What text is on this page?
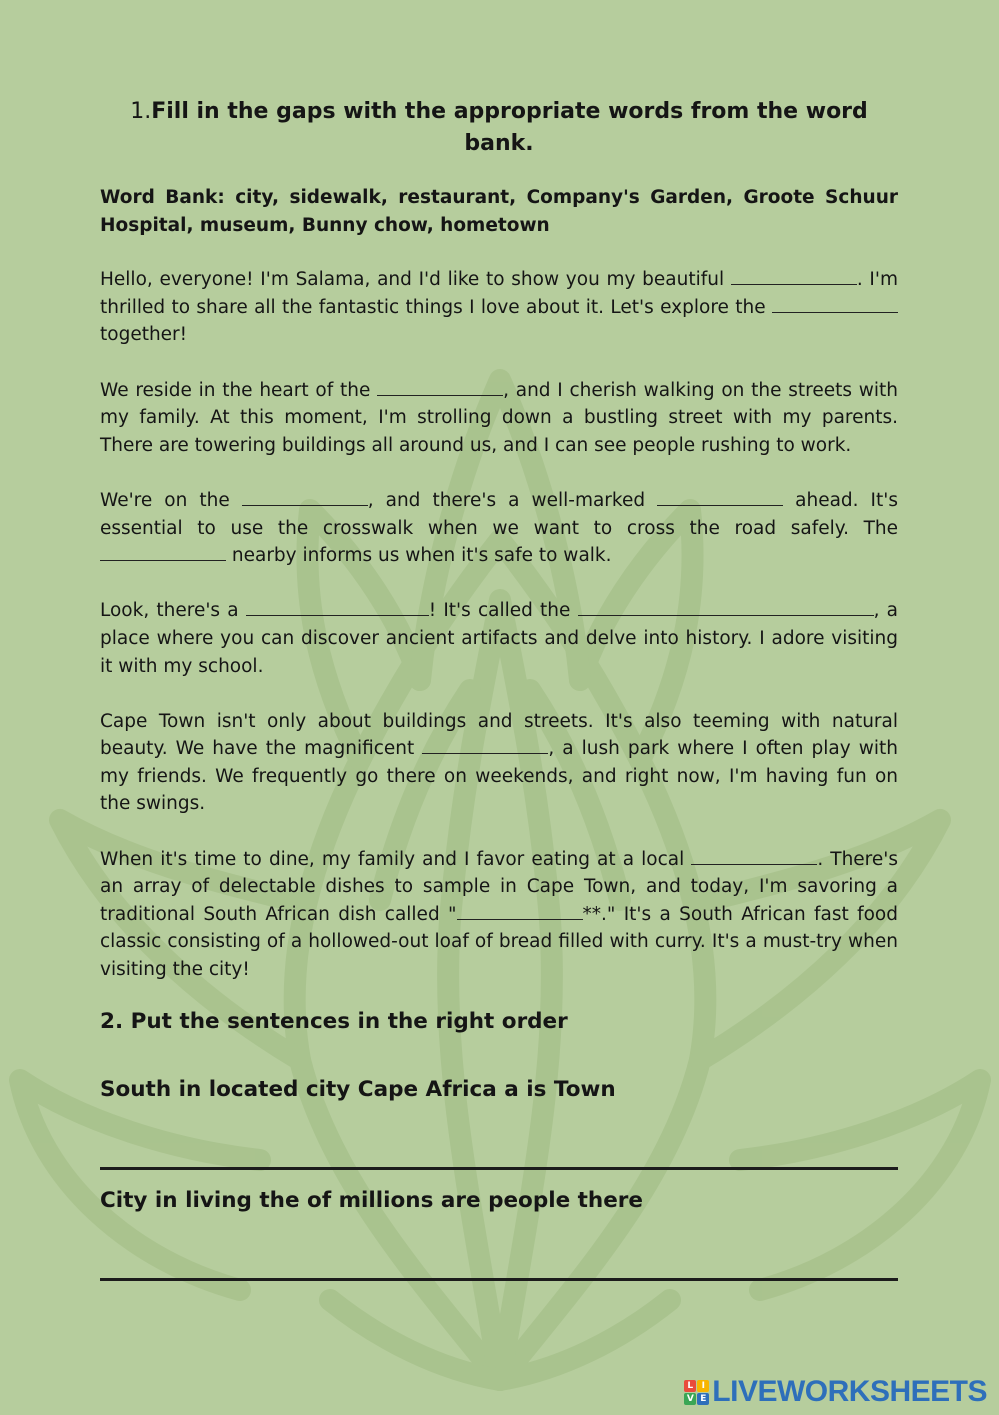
1.Fill in the gaps with the appropriate words from the word bank.

Word Bank: city, sidewalk, restaurant, Company's Garden, Groote Schuur Hospital, museum, Bunny chow, hometown

Hello, everyone! I'm Salama, and I'd like to show you my beautiful	. I'm thrilled to share all the fantastic things I love about it. Let's explore the  together!

We reside in the heart of the	, and I cherish walking on the streets with my family. At this moment, I'm strolling down a bustling street with my parents. There are towering buildings all around us, and I can see people rushing to work.

We're on the	, and there's a well-marked	ahead. It's essential to use the crosswalk when we want to cross the road safely. The  nearby informs us when it's safe to walk.

Look, there's a	! It's called the	, a place where you can discover ancient artifacts and delve into history. I adore visiting it with my school.

Cape Town isn't only about buildings and streets. It's also teeming with natural beauty. We have the magnificent	, a lush park where I often play with my friends. We frequently go there on weekends, and right now, I'm having fun on the swings.

When it's time to dine, my family and I favor eating at a local	. There's an array of delectable dishes to sample in Cape Town, and today, I'm savoring a traditional South African dish called "	**." It's a South African fast food classic consisting of a hollowed-out loaf of bread filled with curry. It's a must-try when visiting the city!

2. Put the sentences in the right order

South in located city Cape Africa a is Town

City in living the of millions are people there

L I
V E LIVEWORKSHEETS
